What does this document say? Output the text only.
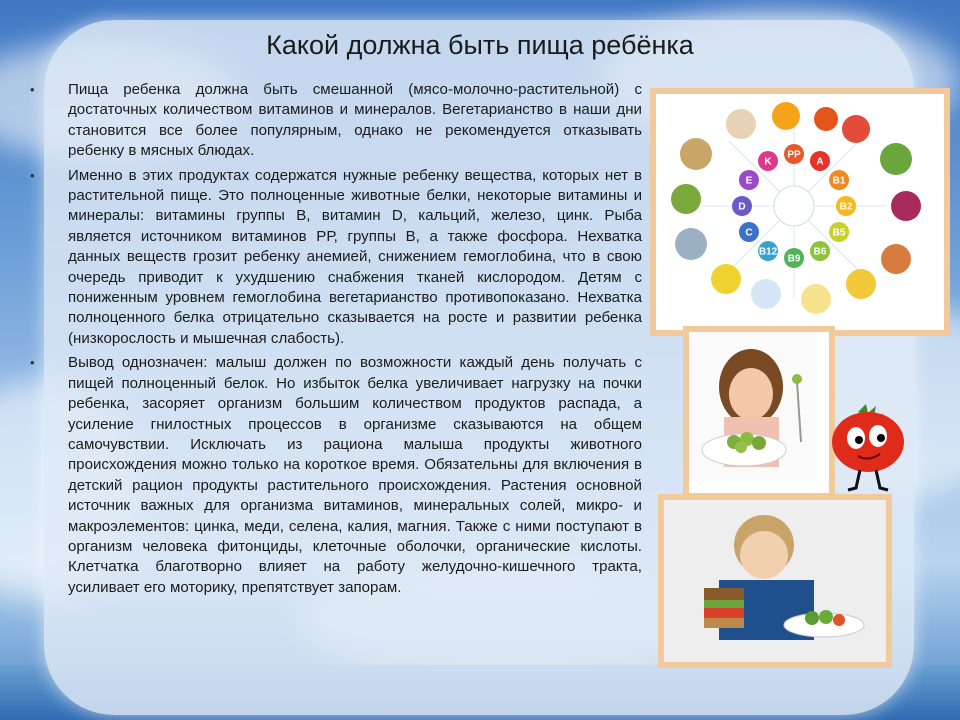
Какой должна быть пища ребёнка
• Пища ребенка должна быть смешанной (мясо-молочно-растительной) с достаточных количеством витаминов и минералов. Вегетарианство в наши дни становится все более популярным, однако не рекомендуется отказывать ребенку в мясных блюдах.
• Именно в этих продуктах содержатся нужные ребенку вещества, которых нет в растительной пище. Это полноценные животные белки, некоторые витамины и минералы: витамины группы В, витамин D, кальций, железо, цинк. Рыба является источником витаминов РР, группы В, а также фосфора. Нехватка данных веществ грозит ребенку анемией, снижением гемоглобина, что в свою очередь приводит к ухудшению снабжения тканей кислородом. Детям с пониженным уровнем гемоглобина вегетарианство противопоказано. Нехватка полноценного белка отрицательно сказывается на росте и развитии ребенка (низкорослость и мышечная слабость).
• Вывод однозначен: малыш должен по возможности каждый день получать с пищей полноценный белок. Но избыток белка увеличивает нагрузку на почки ребенка, засоряет организм большим количеством продуктов распада, а усиление гнилостных процессов в организме сказываются на общем самочувствии. Исключать из рациона малыша продукты животного происхождения можно только на короткое время. Обязательны для включения в детский рацион продукты растительного происхождения. Растения основной источник важных для организма витаминов, минеральных солей, микро- и макроэлементов: цинка, меди, селена, калия, магния. Также с ними поступают в организм человека фитонциды, клеточные оболочки, органические кислоты. Клетчатка благотворно влияет на работу желудочно-кишечного тракта, усиливает его моторику, препятствует запорам.
PP
A
B1
B2
B5
B6
B9
B12
C
D
E
K
